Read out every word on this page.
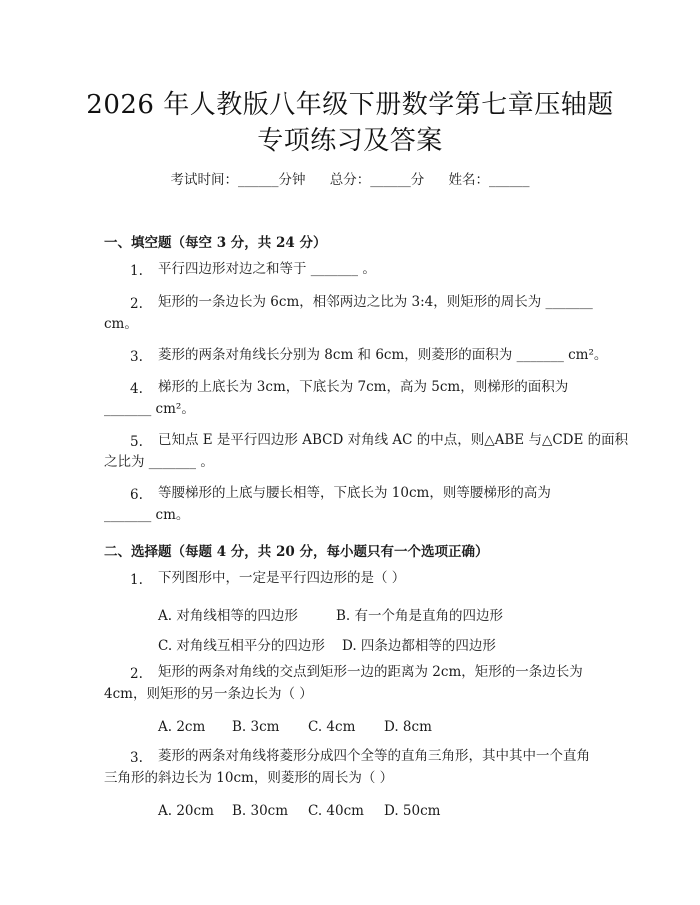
2026 年人教版八年级下册数学第七章压轴题
专项练习及答案
考试时间：______分钟 总分：______分 姓名：______
一、填空题（每空 3 分，共 24 分）
1. 平行四边形对边之和等于 _______ 。
2. 矩形的一条边长为 6cm，相邻两边之比为 3:4，则矩形的周长为 _______
cm。
3. 菱形的两条对角线长分别为 8cm 和 6cm，则菱形的面积为 _______ cm²。
4. 梯形的上底长为 3cm，下底长为 7cm，高为 5cm，则梯形的面积为
_______ cm²。
5. 已知点 E 是平行四边形 ABCD 对角线 AC 的中点，则△ABE 与△CDE 的面积
之比为 _______ 。
6. 等腰梯形的上底与腰长相等，下底长为 10cm，则等腰梯形的高为
_______ cm。
二、选择题（每题 4 分，共 20 分，每小题只有一个选项正确）
1. 下列图形中，一定是平行四边形的是（ ）
A. 对角线相等的四边形	B. 有一个角是直角的四边形
C. 对角线互相平分的四边形 D. 四条边都相等的四边形
2. 矩形的两条对角线的交点到矩形一边的距离为 2cm，矩形的一条边长为
4cm，则矩形的另一条边长为（ ）
A. 2cm B. 3cm C. 4cm D. 8cm
3. 菱形的两条对角线将菱形分成四个全等的直角三角形，其中其中一个直角
三角形的斜边长为 10cm，则菱形的周长为（ ）
A. 20cm B. 30cm C. 40cm D. 50cm
